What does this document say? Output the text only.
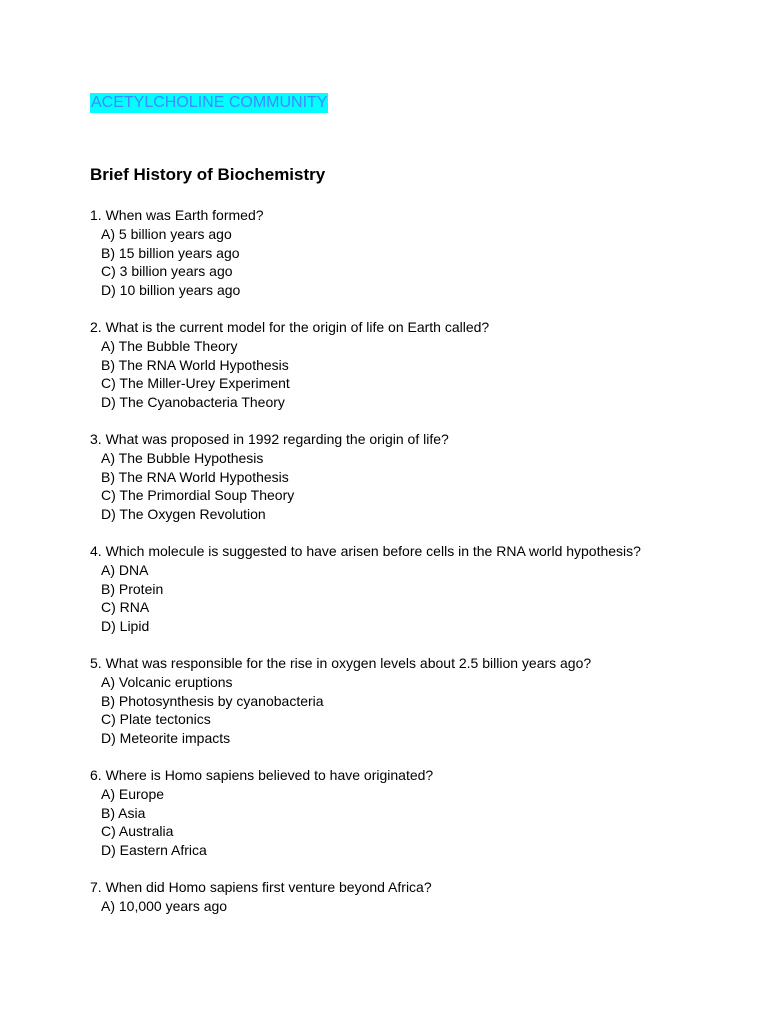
ACETYLCHOLINE COMMUNITY
Brief History of Biochemistry
1. When was Earth formed?
A) 5 billion years ago
B) 15 billion years ago
C) 3 billion years ago
D) 10 billion years ago
2. What is the current model for the origin of life on Earth called?
A) The Bubble Theory
B) The RNA World Hypothesis
C) The Miller-Urey Experiment
D) The Cyanobacteria Theory
3. What was proposed in 1992 regarding the origin of life?
A) The Bubble Hypothesis
B) The RNA World Hypothesis
C) The Primordial Soup Theory
D) The Oxygen Revolution
4. Which molecule is suggested to have arisen before cells in the RNA world hypothesis?
A) DNA
B) Protein
C) RNA
D) Lipid
5. What was responsible for the rise in oxygen levels about 2.5 billion years ago?
A) Volcanic eruptions
B) Photosynthesis by cyanobacteria
C) Plate tectonics
D) Meteorite impacts
6. Where is Homo sapiens believed to have originated?
A) Europe
B) Asia
C) Australia
D) Eastern Africa
7. When did Homo sapiens first venture beyond Africa?
A) 10,000 years ago
